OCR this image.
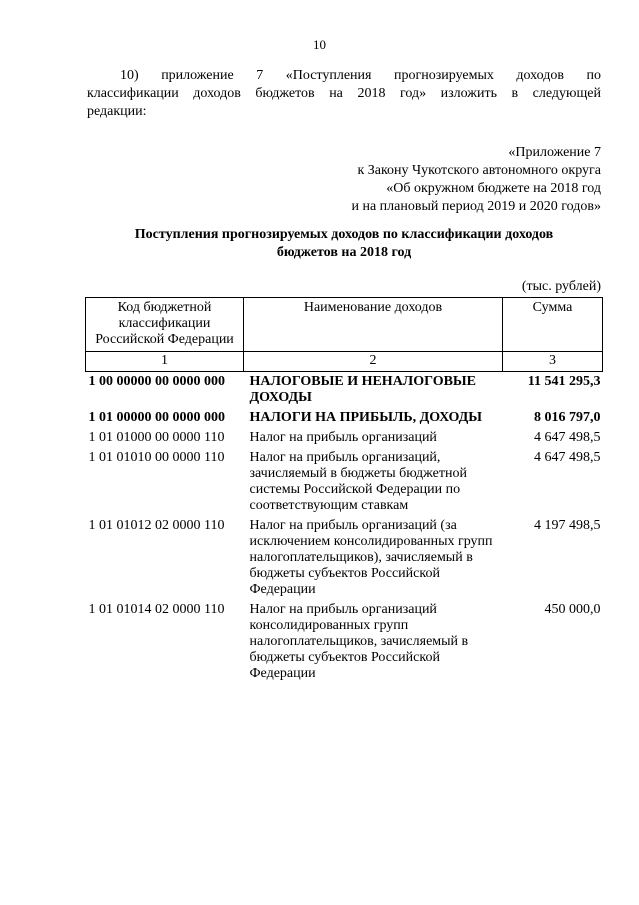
10
10) приложение 7 «Поступления прогнозируемых доходов по
классификации доходов бюджетов на 2018 год» изложить в следующей
редакции:
«Приложение 7
к Закону Чукотского автономного округа
«Об окружном бюджете на 2018 год
и на плановый период 2019 и 2020 годов»
Поступления прогнозируемых доходов по классификации доходов
бюджетов на 2018 год
(тыс. рублей)
Код бюджетной классификации Российской Федерации	Наименование доходов	Сумма
1	2	3
1 00 00000 00 0000 000	НАЛОГОВЫЕ И НЕНАЛОГОВЫЕ ДОХОДЫ	11 541 295,3
1 01 00000 00 0000 000	НАЛОГИ НА ПРИБЫЛЬ, ДОХОДЫ	8 016 797,0
1 01 01000 00 0000 110	Налог на прибыль организаций	4 647 498,5
1 01 01010 00 0000 110	Налог на прибыль организаций, зачисляемый в бюджеты бюджетной системы Российской Федерации по соответствующим ставкам	4 647 498,5
1 01 01012 02 0000 110	Налог на прибыль организаций (за исключением консолидированных групп налогоплательщиков), зачисляемый в бюджеты субъектов Российской Федерации	4 197 498,5
1 01 01014 02 0000 110	Налог на прибыль организаций консолидированных групп налогоплательщиков, зачисляемый в бюджеты субъектов Российской Федерации	450 000,0
